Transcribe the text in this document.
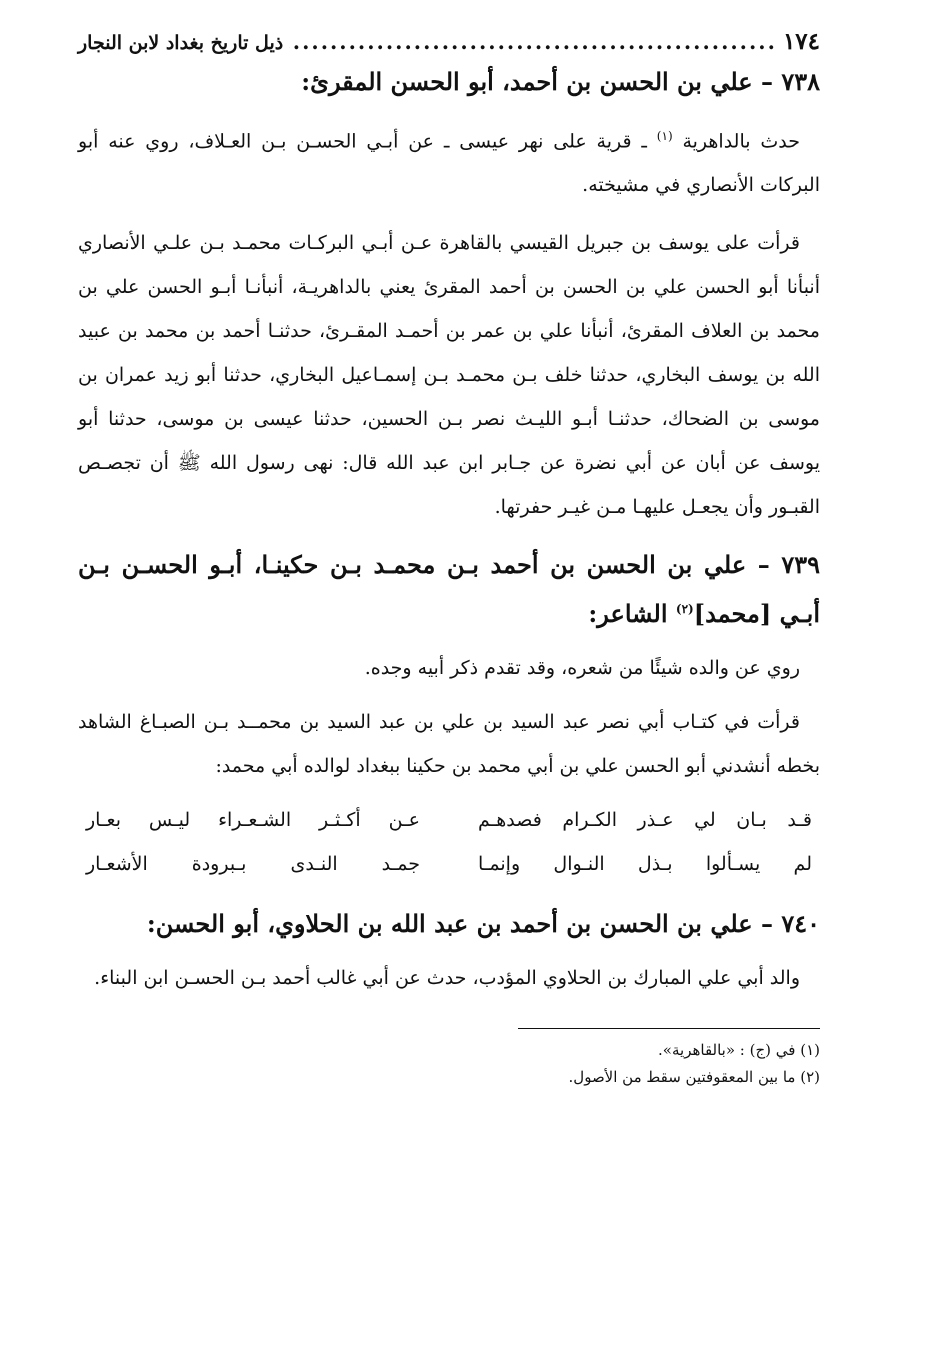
١٧٤
.....
ذيل تاريخ بغداد لابن النجار
٧٣٨ – علي بن الحسن بن أحمد، أبو الحسن المقرئ:

حدث بالداهرية $^{(١)}$ ـ قرية على نهر عيسى ـ عن أبـي الحسـن بـن العـلاف، روي عنه أبو البركات الأنصاري في مشيخته.

قرأت على يوسف بن جبريل القيسي بالقاهرة عـن أبـي البركـات محمـد بـن علـي الأنصاري أنبأنا أبو الحسن علي بن الحسن بن أحمد المقرئ يعني بالداهريـة، أنبأنـا أبـو الحسن علي بن محمد بن العلاف المقرئ، أنبأنا علي بن عمر بن أحمـد المقـرئ، حدثنـا أحمد بن محمد بن عبيد الله بن يوسف البخاري، حدثنا خلف بـن محمـد بـن إسمـاعيل البخاري، حدثنا أبو زيد عمران بن موسى بن الضحاك، حدثنـا أبـو الليـث نصر بـن الحسين، حدثنا عيسى بن موسى، حدثنا أبو يوسف عن أبان عن أبي نضرة عن جـابر ابن عبد الله قال: نهى رسول الله ﷺ أن تجصـص القبـور وأن يجعـل عليهـا مـن غيـر حفرتها.

٧٣٩ – علي بن الحسن بن أحمد بـن محمـد بـن حكينـا، أبـو الحسـن بـن أبـي [محمد]$^{(٢)}$ الشاعر:

روي عن والده شيئًا من شعره، وقد تقدم ذكر أبيه وجده.

قرأت في كتـاب أبي نصر عبد السيد بن علي بن عبد السيد بن محمــد بـن الصبـاغ الشاهد بخطه أنشدني أبو الحسن علي بن أبي محمد بن حكينا ببغداد لوالده أبي محمد:

قـد بـان لي عـذر الكـرام فصدهـم
عـن أكـثـر الشـعـراء ليـس بعـار
لم يسـألوا بـذل النـوال وإنمـا
جمـد النـدى بـبرودة الأشعـار
٧٤٠ – علي بن الحسن بن أحمد بن عبد الله بن الحلاوي، أبو الحسن:

والد أبي علي المبارك بن الحلاوي المؤدب، حدث عن أبي غالب أحمد بـن الحسـن ابن البناء.

(١) في (ج) : «بالقاهرية».
(٢) ما بين المعقوفتين سقط من الأصول.
